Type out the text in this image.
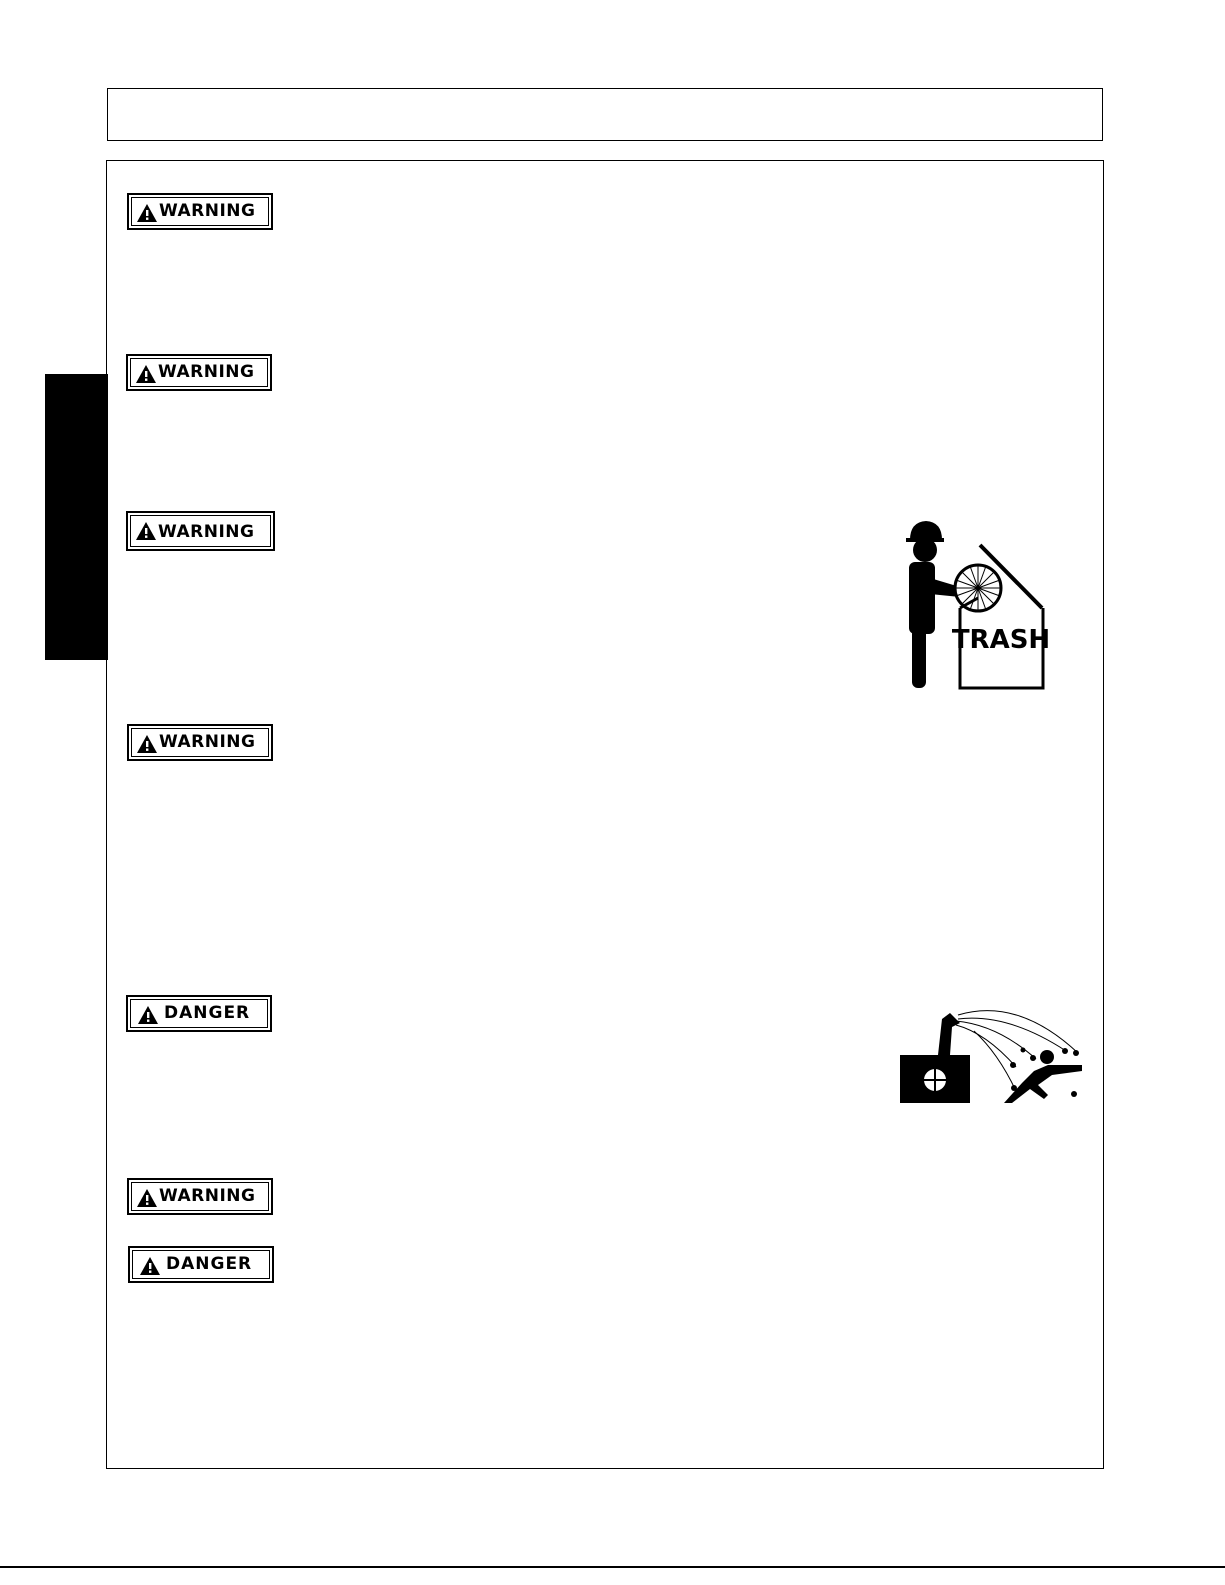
WARNING
WARNING
WARNING
WARNING
DANGER
WARNING
DANGER
TRASH
